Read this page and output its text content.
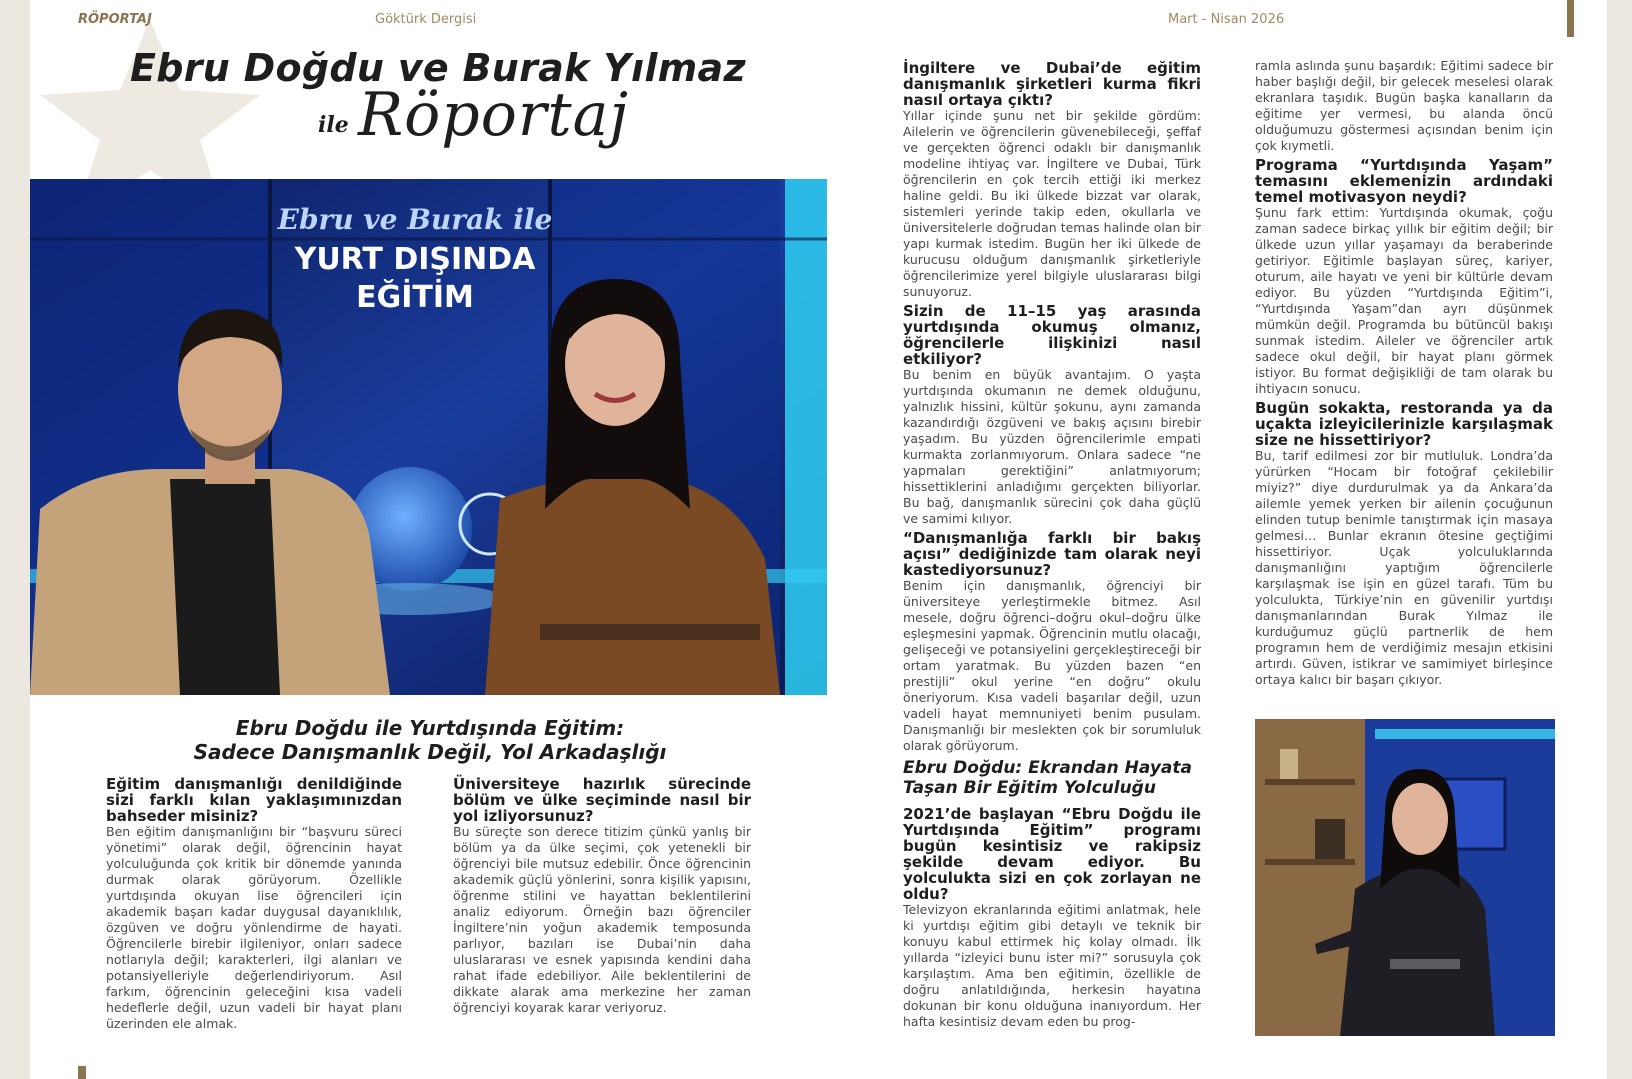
RÖPORTAJ	Göktürk Dergisi	Mart - Nisan 2026
Ebru Doğdu ve Burak Yılmaz
ile Röportaj
Ebru ve Burak ile
YURT DIŞINDA
EĞİTİM
Ebru Doğdu ile Yurtdışında Eğitim:
Sadece Danışmanlık Değil, Yol Arkadaşlığı

Eğitim danışmanlığı denildiğinde sizi farklı kılan yaklaşımınızdan bahseder misiniz?

Ben eğitim danışmanlığını bir “başvuru süreci yönetimi” olarak değil, öğrencinin hayat yolculuğunda çok kritik bir dönemde yanında durmak olarak görüyorum. Özellikle yurtdışında okuyan lise öğrencileri için akademik başarı kadar duygusal dayanıklılık, özgüven ve doğru yönlendirme de hayati. Öğrencilerle birebir ilgileniyor, onları sadece notlarıyla değil; karakterleri, ilgi alanları ve potansiyelleriyle değerlendiriyorum. Asıl farkım, öğrencinin geleceğini kısa vadeli hedeflerle değil, uzun vadeli bir hayat planı üzerinden ele almak.

Üniversiteye hazırlık sürecinde bölüm ve ülke seçiminde nasıl bir yol izliyorsunuz?

Bu süreçte son derece titizim çünkü yanlış bir bölüm ya da ülke seçimi, çok yetenekli bir öğrenciyi bile mutsuz edebilir. Önce öğrencinin akademik güçlü yönlerini, sonra kişilik yapısını, öğrenme stilini ve hayattan beklentilerini analiz ediyorum. Örneğin bazı öğrenciler İngiltere’nin yoğun akademik temposunda parlıyor, bazıları ise Dubai’nin daha uluslararası ve esnek yapısında kendini daha rahat ifade edebiliyor. Aile beklentilerini de dikkate alarak ama merkezine her zaman öğrenciyi koyarak karar veriyoruz.

İngiltere ve Dubai’de eğitim danışmanlık şirketleri kurma fikri nasıl ortaya çıktı?

Yıllar içinde şunu net bir şekilde gördüm: Ailelerin ve öğrencilerin güvenebileceği, şeffaf ve gerçekten öğrenci odaklı bir danışmanlık modeline ihtiyaç var. İngiltere ve Dubai, Türk öğrencilerin en çok tercih ettiği iki merkez haline geldi. Bu iki ülkede bizzat var olarak, sistemleri yerinde takip eden, okullarla ve üniversitelerle doğrudan temas halinde olan bir yapı kurmak istedim. Bugün her iki ülkede de kurucusu olduğum danışmanlık şirketleriyle öğrencilerimize yerel bilgiyle uluslararası bilgi sunuyoruz.

Sizin de 11–15 yaş arasında yurtdışında okumuş olmanız, öğrencilerle ilişkinizi nasıl etkiliyor?

Bu benim en büyük avantajım. O yaşta yurtdışında okumanın ne demek olduğunu, yalnızlık hissini, kültür şokunu, aynı zamanda kazandırdığı özgüveni ve bakış açısını birebir yaşadım. Bu yüzden öğrencilerimle empati kurmakta zorlanmıyorum. Onlara sadece “ne yapmaları gerektiğini” anlatmıyorum; hissettiklerini anladığımı gerçekten biliyorlar. Bu bağ, danışmanlık sürecini çok daha güçlü ve samimi kılıyor.

“Danışmanlığa farklı bir bakış açısı” dediğinizde tam olarak neyi kastediyorsunuz?

Benim için danışmanlık, öğrenciyi bir üniversiteye yerleştirmekle bitmez. Asıl mesele, doğru öğrenci–doğru okul–doğru ülke eşleşmesini yapmak. Öğrencinin mutlu olacağı, gelişeceği ve potansiyelini gerçekleştireceği bir ortam yaratmak. Bu yüzden bazen “en prestijli” okul yerine “en doğru” okulu öneriyorum. Kısa vadeli başarılar değil, uzun vadeli hayat memnuniyeti benim pusulam. Danışmanlığı bir meslekten çok bir sorumluluk olarak görüyorum.

Ebru Doğdu: Ekrandan Hayata Taşan Bir Eğitim Yolculuğu

2021’de başlayan “Ebru Doğdu ile Yurtdışında Eğitim” programı bugün kesintisiz ve rakipsiz şekilde devam ediyor. Bu yolculukta sizi en çok zorlayan ne oldu?

Televizyon ekranlarında eğitimi anlatmak, hele ki yurtdışı eğitim gibi detaylı ve teknik bir konuyu kabul ettirmek hiç kolay olmadı. İlk yıllarda “izleyici bunu ister mi?” sorusuyla çok karşılaştım. Ama ben eğitimin, özellikle de doğru anlatıldığında, herkesin hayatına dokunan bir konu olduğuna inanıyordum. Her hafta kesintisiz devam eden bu prog-

ramla aslında şunu başardık: Eğitimi sadece bir haber başlığı değil, bir gelecek meselesi olarak ekranlara taşıdık. Bugün başka kanalların da eğitime yer vermesi, bu alanda öncü olduğumuzu göstermesi açısından benim için çok kıymetli.

Programa “Yurtdışında Yaşam” temasını eklemenizin ardındaki temel motivasyon neydi?

Şunu fark ettim: Yurtdışında okumak, çoğu zaman sadece birkaç yıllık bir eğitim değil; bir ülkede uzun yıllar yaşamayı da beraberinde getiriyor. Eğitimle başlayan süreç, kariyer, oturum, aile hayatı ve yeni bir kültürle devam ediyor. Bu yüzden “Yurtdışında Eğitim”i, “Yurtdışında Yaşam”dan ayrı düşünmek mümkün değil. Programda bu bütüncül bakışı sunmak istedim. Aileler ve öğrenciler artık sadece okul değil, bir hayat planı görmek istiyor. Bu format değişikliği de tam olarak bu ihtiyacın sonucu.

Bugün sokakta, restoranda ya da uçakta izleyicilerinizle karşılaşmak size ne hissettiriyor?

Bu, tarif edilmesi zor bir mutluluk. Londra’da yürürken “Hocam bir fotoğraf çekilebilir miyiz?” diye durdurulmak ya da Ankara’da ailemle yemek yerken bir ailenin çocuğunun elinden tutup benimle tanıştırmak için masaya gelmesi… Bunlar ekranın ötesine geçtiğimi hissettiriyor. Uçak yolculuklarında danışmanlığını yaptığım öğrencilerle karşılaşmak ise işin en güzel tarafı. Tüm bu yolculukta, Türkiye’nin en güvenilir yurtdışı danışmanlarından Burak Yılmaz ile kurduğumuz güçlü partnerlik de hem programın hem de verdiğimiz mesajın etkisini artırdı. Güven, istikrar ve samimiyet birleşince ortaya kalıcı bir başarı çıkıyor.
